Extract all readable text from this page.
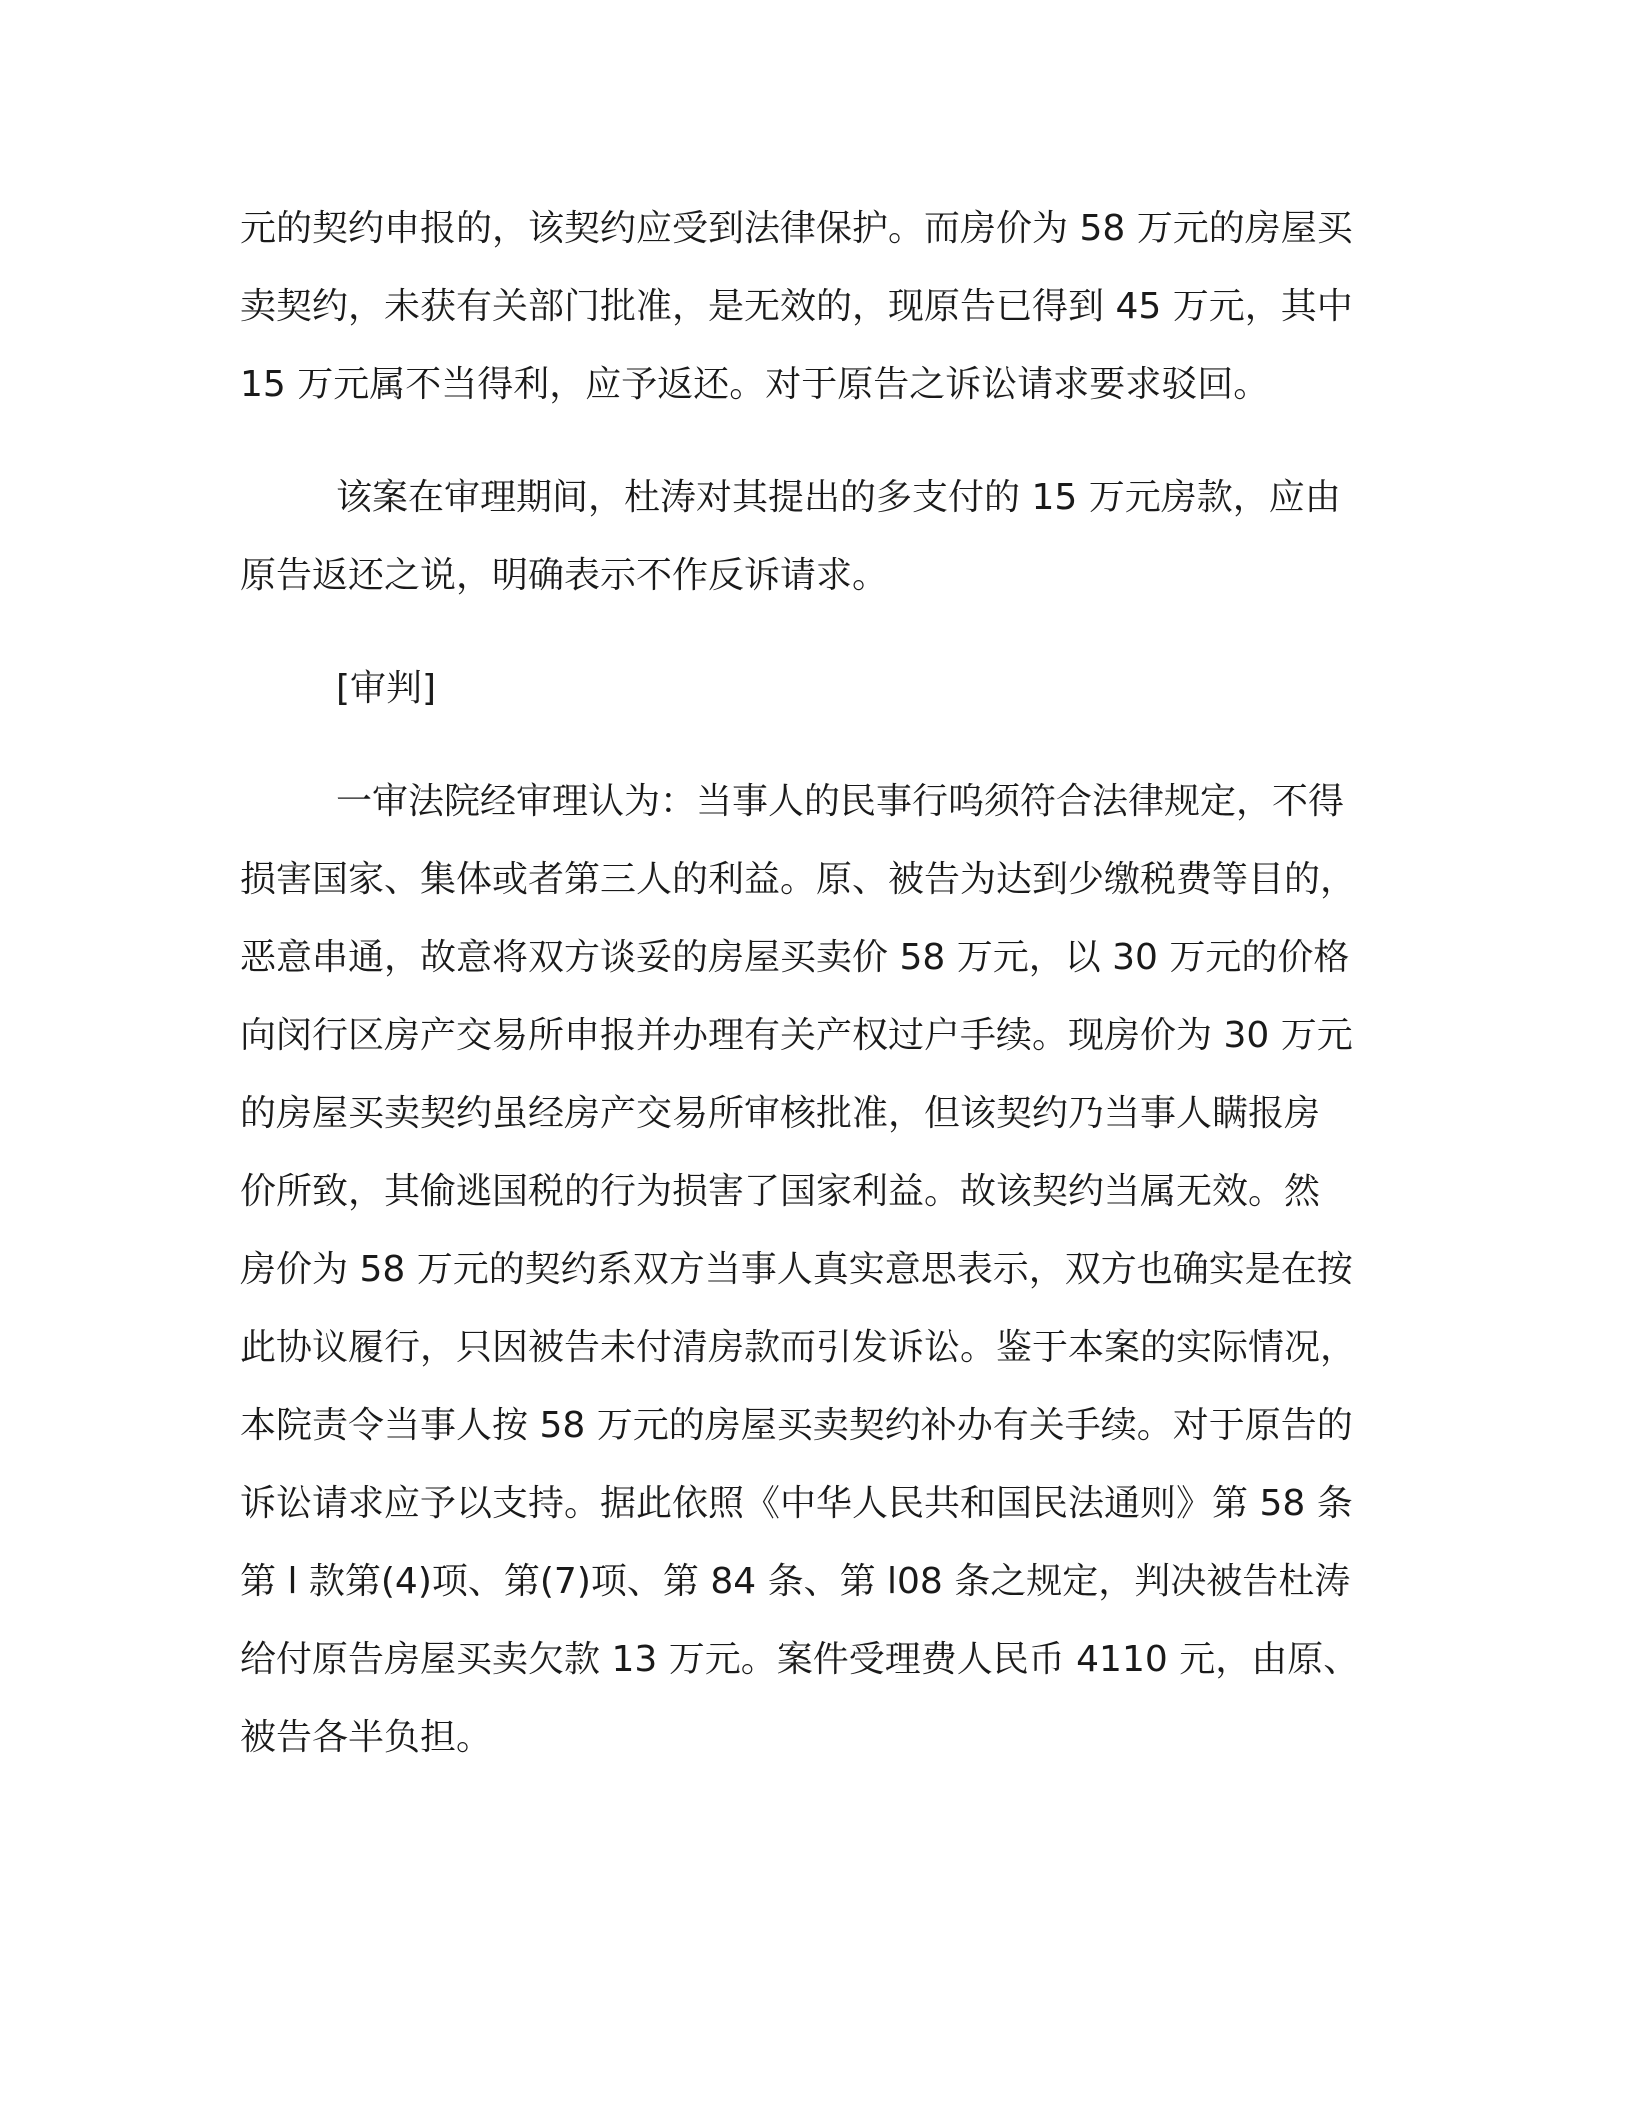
元的契约申报的，该契约应受到法律保护。而房价为 58 万元的房屋买
卖契约，未获有关部门批准，是无效的，现原告已得到 45 万元，其中
15 万元属不当得利，应予返还。对于原告之诉讼请求要求驳回。
该案在审理期间，杜涛对其提出的多支付的 15 万元房款，应由
原告返还之说，明确表示不作反诉请求。
[审判]
一审法院经审理认为：当事人的民事行呜须符合法律规定，不得
损害国家、集体或者第三人的利益。原、被告为达到少缴税费等目的，
恶意串通，故意将双方谈妥的房屋买卖价 58 万元，以 30 万元的价格
向闵行区房产交易所申报并办理有关产权过户手续。现房价为 30 万元
的房屋买卖契约虽经房产交易所审核批准，但该契约乃当事人瞒报房
价所致，其偷逃国税的行为损害了国家利益。故该契约当属无效。然
房价为 58 万元的契约系双方当事人真实意思表示，双方也确实是在按
此协议履行，只因被告未付清房款而引发诉讼。鉴于本案的实际情况，
本院责令当事人按 58 万元的房屋买卖契约补办有关手续。对于原告的
诉讼请求应予以支持。据此依照《中华人民共和国民法通则》第 58 条
第 l 款第(4)项、第(7)项、第 84 条、第 l08 条之规定，判决被告杜涛
给付原告房屋买卖欠款 13 万元。案件受理费人民币 4110 元，由原、
被告各半负担。
